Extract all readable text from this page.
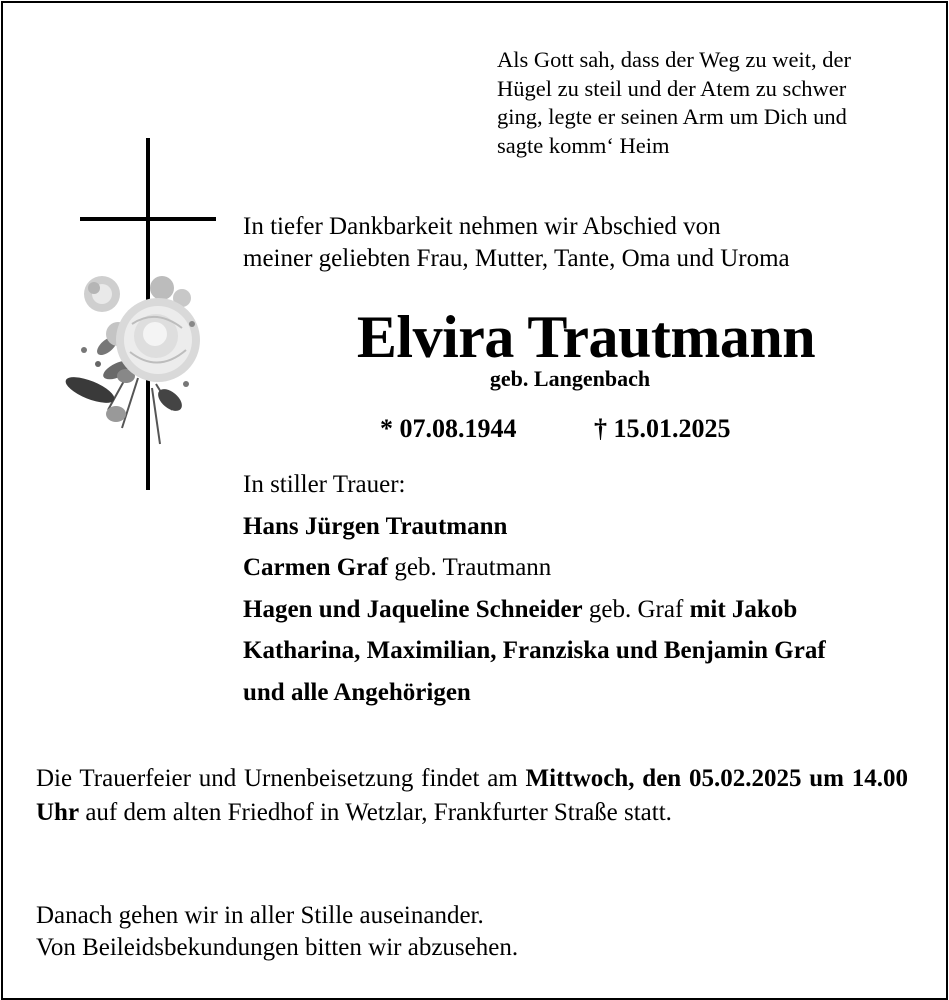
Als Gott sah, dass der Weg zu weit, der
Hügel zu steil und der Atem zu schwer
ging, legte er seinen Arm um Dich und
sagte komm‘ Heim
In tiefer Dankbarkeit nehmen wir Abschied von
meiner geliebten Frau, Mutter, Tante, Oma und Uroma
Elvira Trautmann
geb. Langenbach
* 07.08.1944	† 15.01.2025
In stiller Trauer:
Hans Jürgen Trautmann
Carmen Graf geb. Trautmann
Hagen und Jaqueline Schneider geb. Graf mit Jakob
Katharina, Maximilian, Franziska und Benjamin Graf
und alle Angehörigen
Die Trauerfeier und Urnenbeisetzung findet am Mittwoch, den 05.02.2025 um 14.00 Uhr auf dem alten Friedhof in Wetzlar, Frankfurter Straße statt.
Danach gehen wir in aller Stille auseinander.
Von Beileidsbekundungen bitten wir abzusehen.
